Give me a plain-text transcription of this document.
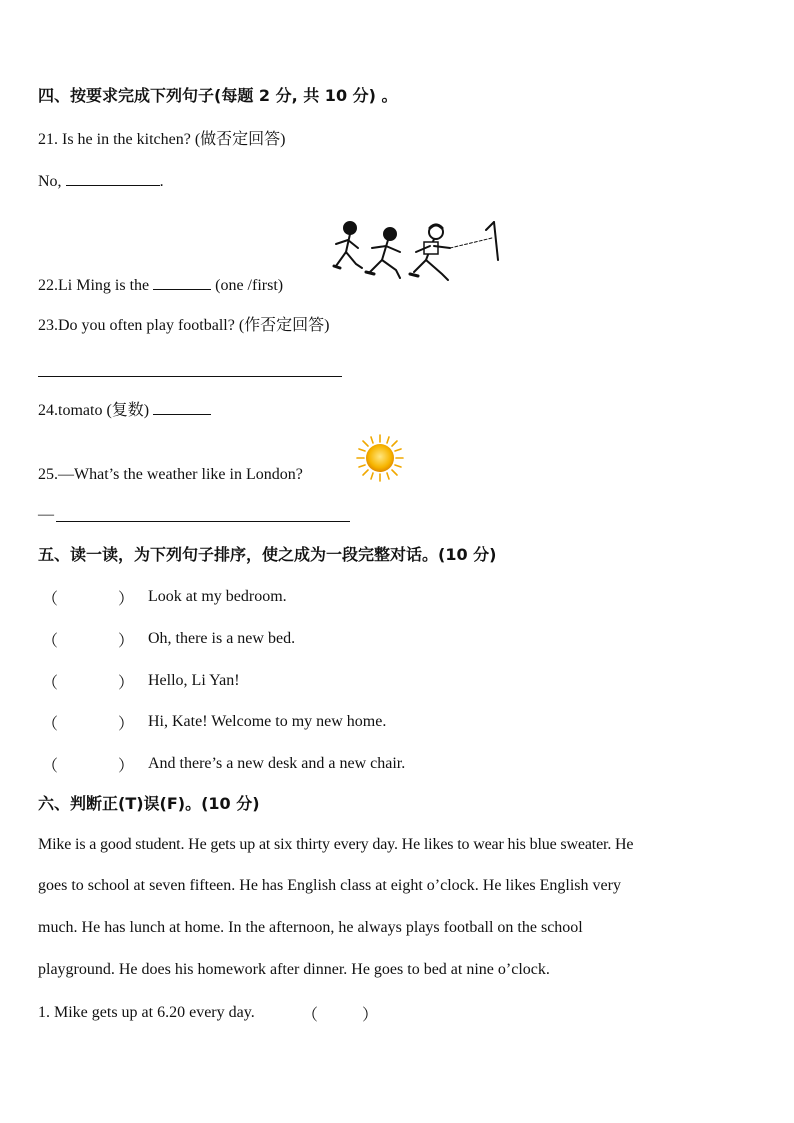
四、按要求完成下列句子(每题 2 分, 共 10 分) 。
21. Is he in the kitchen? (做否定回答)
No,	.
22.Li Ming is the	(one /first)
23.Do you often play football? (作否定回答)
24.tomato (复数)
25.—What’s the weather like in London?
—
五、读一读，为下列句子排序，使之成为一段完整对话。(10 分)
（	） Look at my bedroom.
（	） Oh, there is a new bed.
（	） Hello, Li Yan!
（	） Hi, Kate! Welcome to my new home.
（	） And there’s a new desk and a new chair.
六、判断正(T)误(F)。(10 分)
Mike is a good student. He gets up at six thirty every day. He likes to wear his blue sweater. He
goes to school at seven fifteen. He has English class at eight o’clock. He likes English very
much. He has lunch at home. In the afternoon, he always plays football on the school
playground. He does his homework after dinner. He goes to bed at nine o’clock.
1. Mike gets up at 6.20 every day.	（	）
